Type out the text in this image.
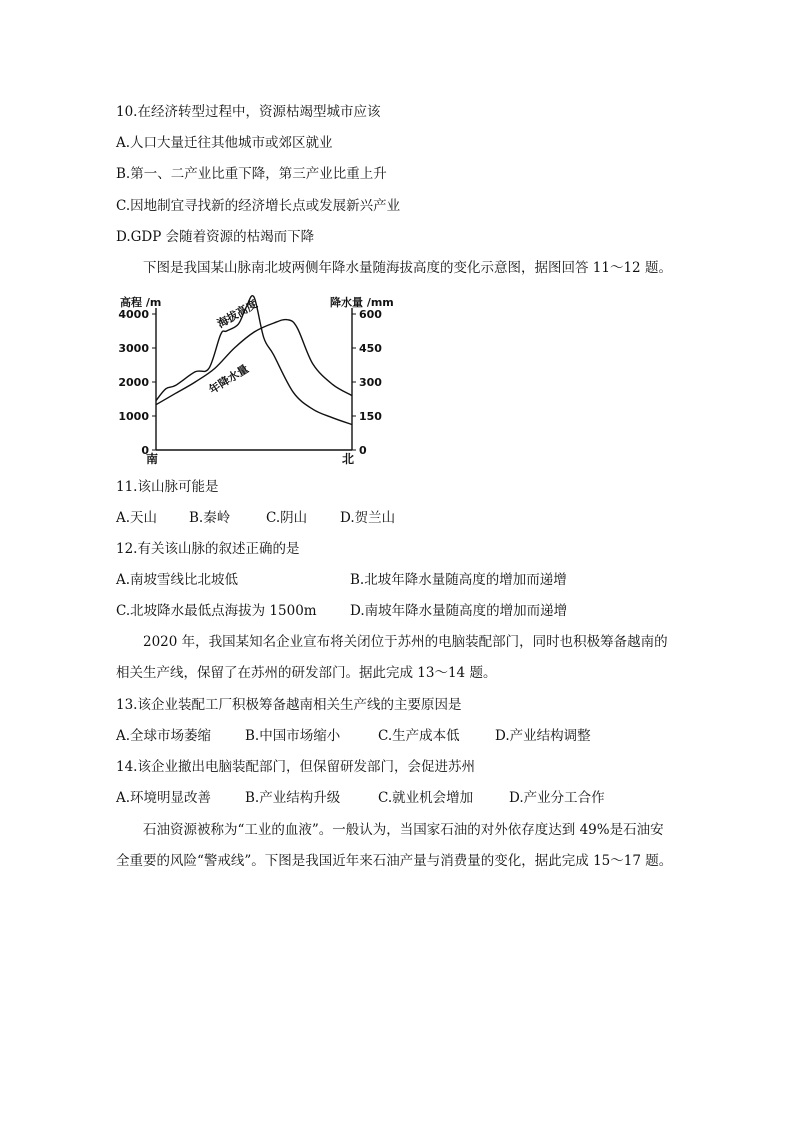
10.在经济转型过程中，资源枯竭型城市应该
A.人口大量迁往其他城市或郊区就业
B.第一、二产业比重下降，第三产业比重上升
C.因地制宜寻找新的经济增长点或发展新兴产业
D.GDP 会随着资源的枯竭而下降
下图是我国某山脉南北坡两侧年降水量随海拔高度的变化示意图，据图回答 11～12 题。
高程 /m	降水量 /mm
0
1000
2000
3000
4000
0
150
300
450
600
南	北
海拔高度
年降水量
11.该山脉可能是
A.天山 B.秦岭	C.阴山 D.贺兰山
12.有关该山脉的叙述正确的是
A.南坡雪线比北坡低	B.北坡年降水量随高度的增加而递增
C.北坡降水最低点海拔为 1500m D.南坡年降水量随高度的增加而递增
2020 年，我国某知名企业宣布将关闭位于苏州的电脑装配部门，同时也积极筹备越南的
相关生产线，保留了在苏州的研发部门。据此完成 13～14 题。
13.该企业装配工厂积极筹备越南相关生产线的主要原因是
A.全球市场萎缩	B.中国市场缩小	C.生产成本低	D.产业结构调整
14.该企业撤出电脑装配部门，但保留研发部门，会促进苏州
A.环境明显改善	B.产业结构升级	C.就业机会增加	D.产业分工合作
石油资源被称为“工业的血液”。一般认为，当国家石油的对外依存度达到 49%是石油安
全重要的风险“警戒线”。下图是我国近年来石油产量与消费量的变化，据此完成 15～17 题。
